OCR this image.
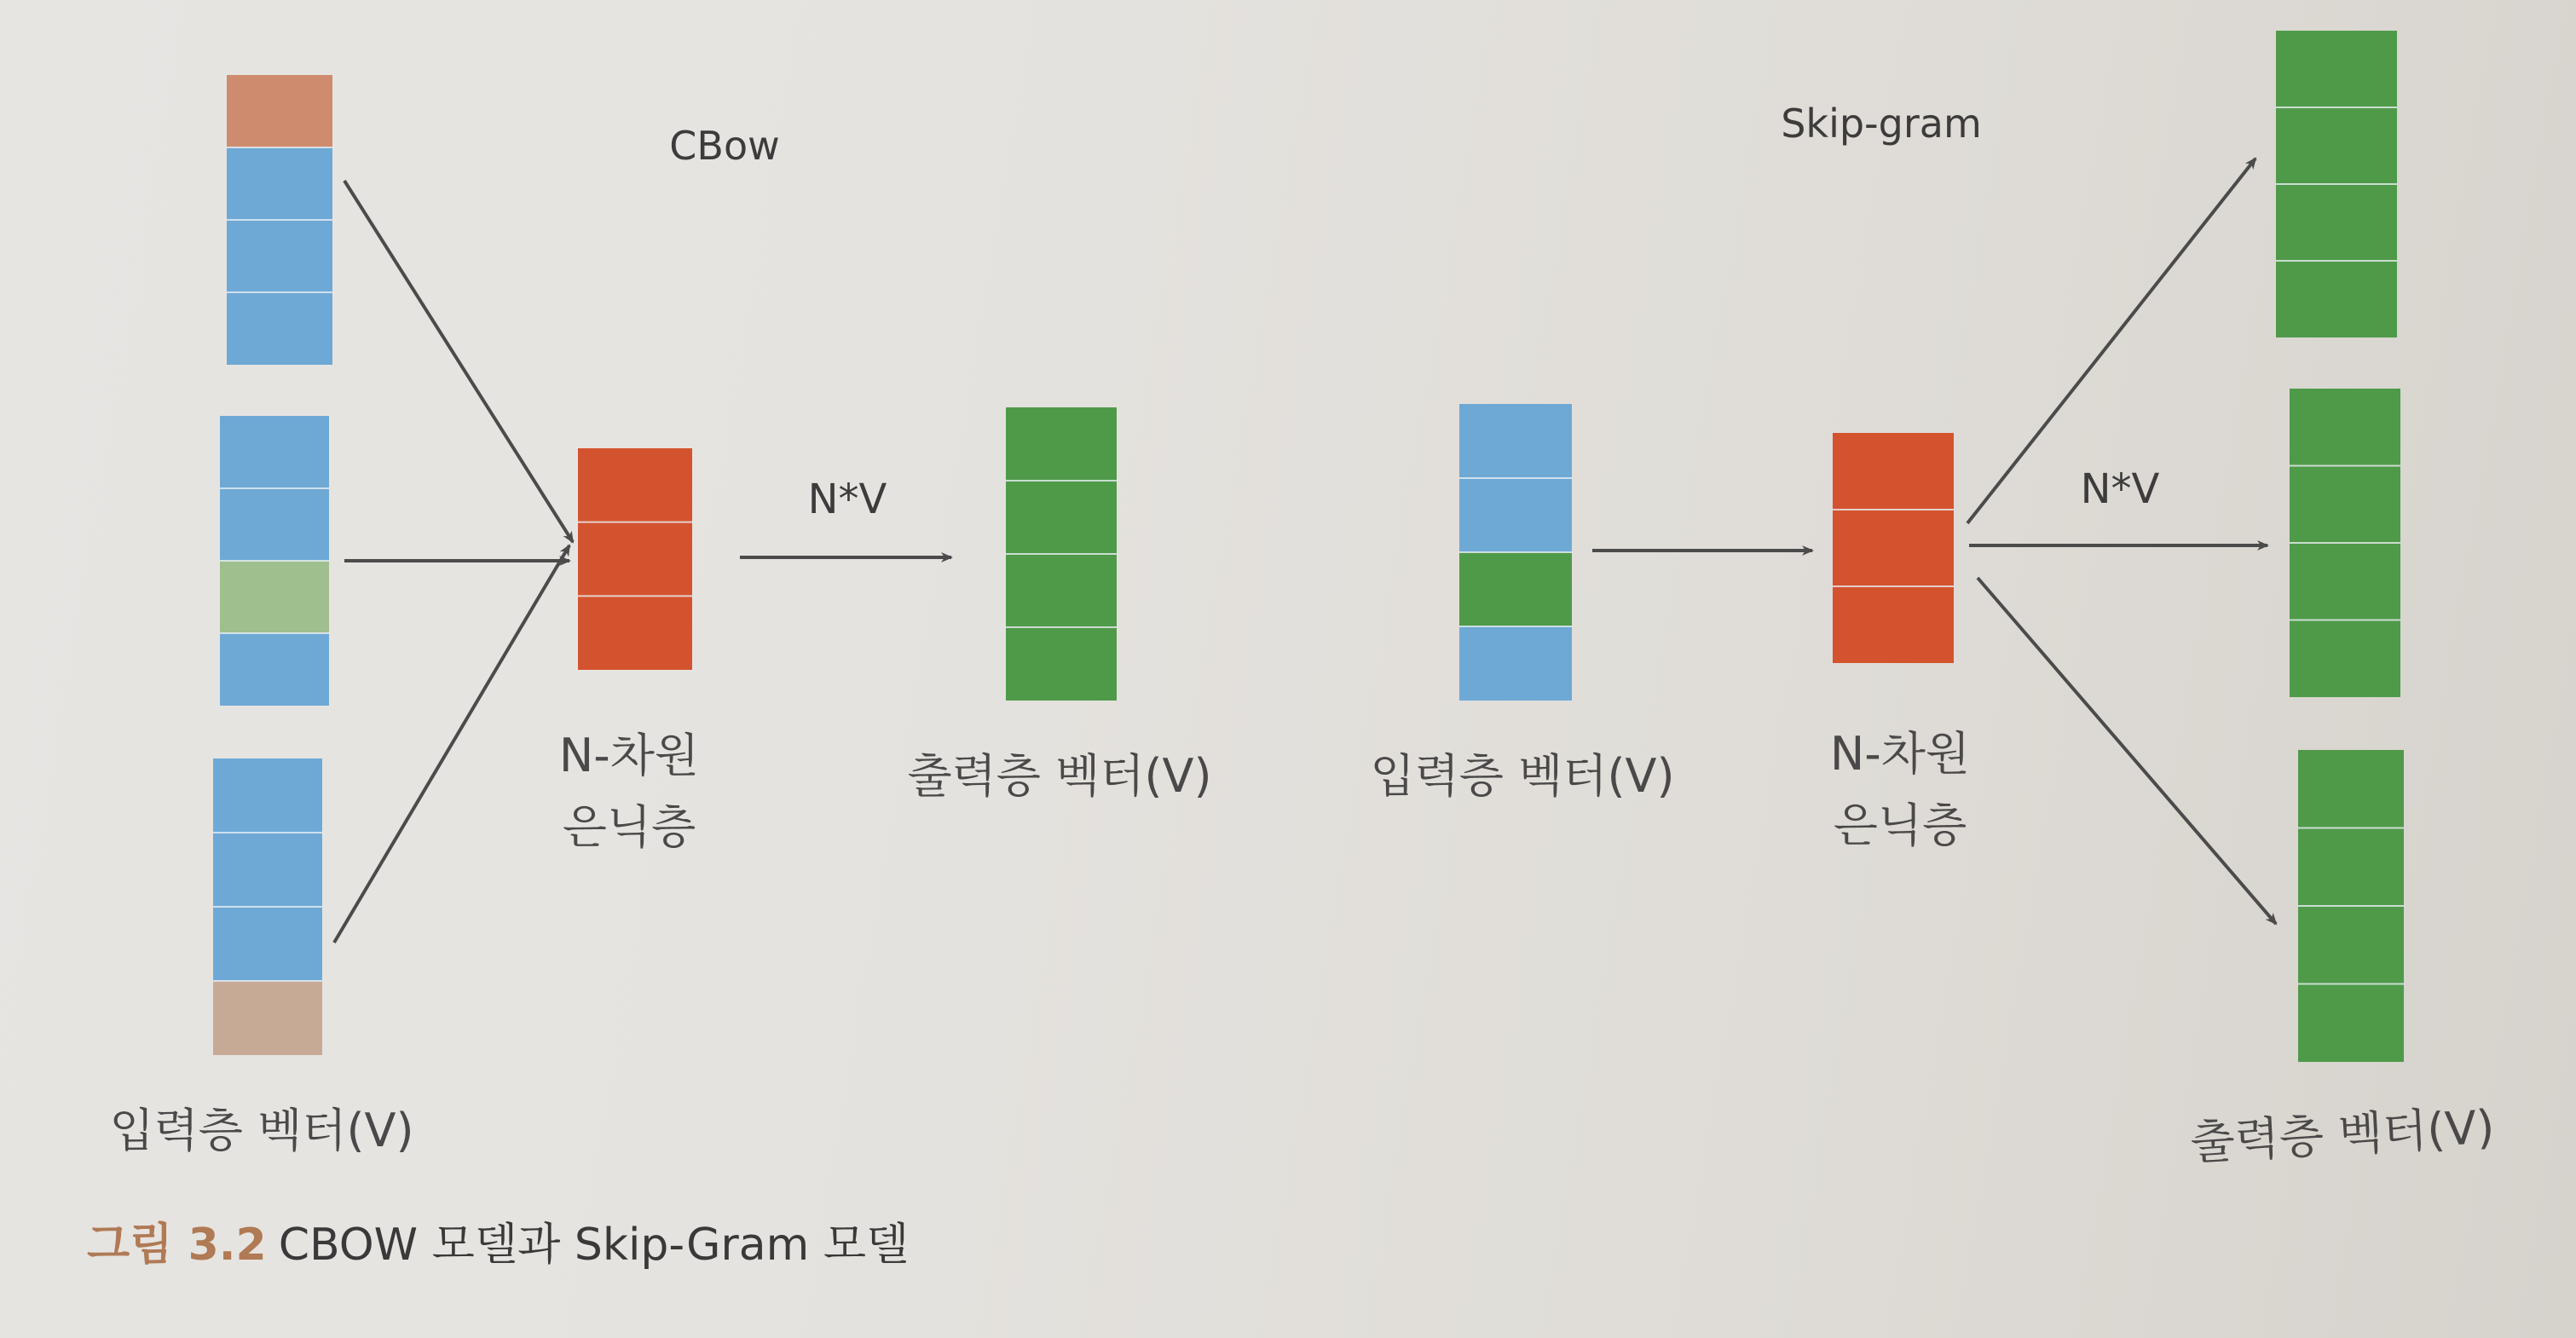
CBow
N*V
N-차원
은닉층
출력층 벡터(V)
입력층 벡터(V)
Skip-gram
N*V
입력층 벡터(V)	N-차원
은닉층
출력층 벡터(V)
그림 3.2 CBOW 모델과 Skip-Gram 모델
